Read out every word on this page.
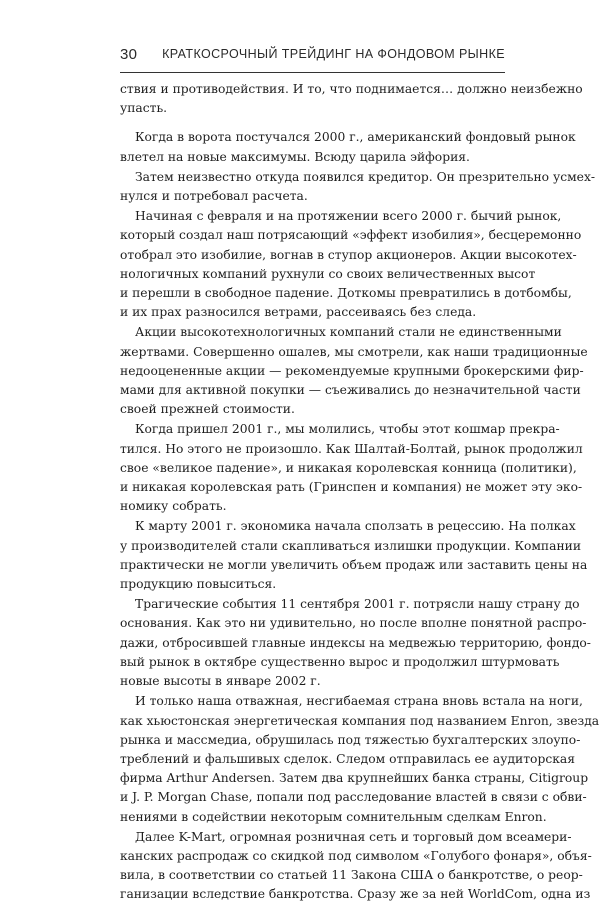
30 КРАТКОСРОЧНЫЙ ТРЕЙДИНГ НА ФОНДОВОМ РЫНКЕ
ствия и противодействия. И то, что поднимается… должно неизбежно
упасть.
Когда в ворота постучался 2000 г., американский фондовый рынок
влетел на новые максимумы. Всюду царила эйфория.
Затем неизвестно откуда появился кредитор. Он презрительно усмех-
нулся и потребовал расчета.
Начиная с февраля и на протяжении всего 2000 г. бычий рынок,
который создал наш потрясающий «эффект изобилия», бесцеремонно
отобрал это изобилие, вогнав в ступор акционеров. Акции высокотех-
нологичных компаний рухнули со своих величественных высот
и перешли в свободное падение. Доткомы превратились в дотбомбы,
и их прах разносился ветрами, рассеиваясь без следа.
Акции высокотехнологичных компаний стали не единственными
жертвами. Совершенно ошалев, мы смотрели, как наши традиционные
недооцененные акции — рекомендуемые крупными брокерскими фир-
мами для активной покупки — съеживались до незначительной части
своей прежней стоимости.
Когда пришел 2001 г., мы молились, чтобы этот кошмар прекра-
тился. Но этого не произошло. Как Шалтай-Болтай, рынок продолжил
свое «великое падение», и никакая королевская конница (политики),
и никакая королевская рать (Гринспен и компания) не может эту эко-
номику собрать.
К марту 2001 г. экономика начала сползать в рецессию. На полках
у производителей стали скапливаться излишки продукции. Компании
практически не могли увеличить объем продаж или заставить цены на
продукцию повыситься.
Трагические события 11 сентября 2001 г. потрясли нашу страну до
основания. Как это ни удивительно, но после вполне понятной распро-
дажи, отбросившей главные индексы на медвежью территорию, фондо-
вый рынок в октябре существенно вырос и продолжил штурмовать
новые высоты в январе 2002 г.
И только наша отважная, несгибаемая страна вновь встала на ноги,
как хьюстонская энергетическая компания под названием Enron, звезда
рынка и массмедиа, обрушилась под тяжестью бухгалтерских злоупо-
треблений и фальшивых сделок. Следом отправилась ее аудиторская
фирма Arthur Andersen. Затем два крупнейших банка страны, Citigroup
и J. P. Morgan Chase, попали под расследование властей в связи с обви-
нениями в содействии некоторым сомнительным сделкам Enron.
Далее K-Mart, огромная розничная сеть и торговый дом всеамери-
канских распродаж со скидкой под символом «Голубого фонаря», объя-
вила, в соответствии со статьей 11 Закона США о банкротстве, о реор-
ганизации вследствие банкротства. Сразу же за ней WorldCom, одна из
